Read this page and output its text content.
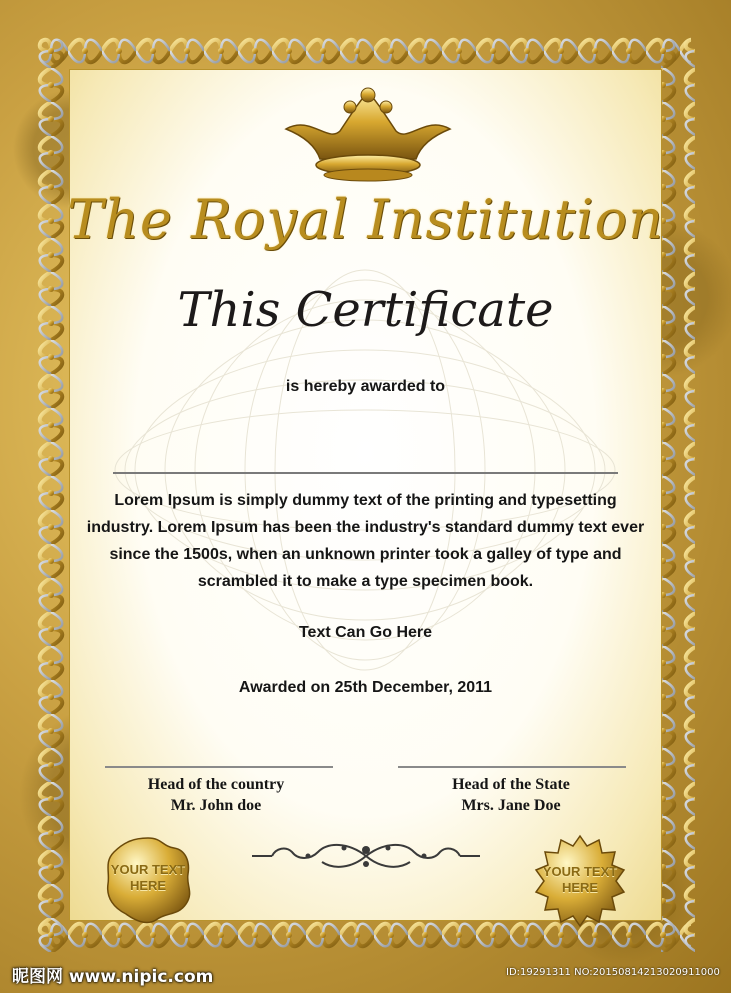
The Royal Institution
This Certificate
is hereby awarded to
Lorem Ipsum is simply dummy text of the printing and typesetting industry. Lorem Ipsum has been the industry's standard dummy text ever since the 1500s, when an unknown printer took a galley of type and scrambled it to make a type specimen book.
Text Can Go Here
Awarded on 25th December, 2011
Head of the country
Mr. John doe
Head of the State
Mrs. Jane Doe
YOUR TEXT
HERE
YOUR TEXT
HERE
昵图网 www.nipic.com	ID:19291311 NO:20150814213020911000
